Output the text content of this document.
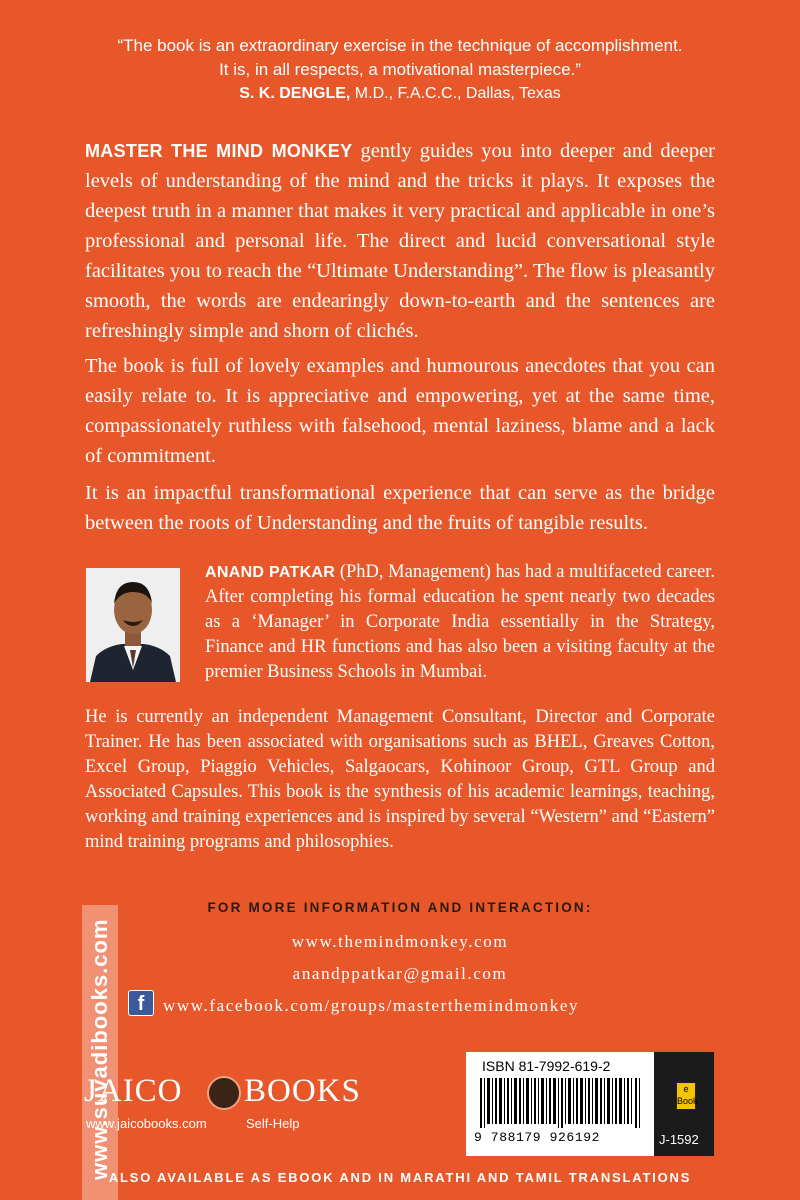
“The book is an extraordinary exercise in the technique of accomplishment.
It is, in all respects, a motivational masterpiece.”
S. K. DENGLE, M.D., F.A.C.C., Dallas, Texas

MASTER THE MIND MONKEY gently guides you into deeper and deeper levels of understanding of the mind and the tricks it plays. It exposes the deepest truth in a manner that makes it very practical and applicable in one’s professional and personal life. The direct and lucid conversational style facilitates you to reach the “Ultimate Understanding”. The flow is pleasantly smooth, the words are endearingly down-to-earth and the sentences are refreshingly simple and shorn of clichés.

The book is full of lovely examples and humourous anecdotes that you can easily relate to. It is appreciative and empowering, yet at the same time, compassionately ruthless with falsehood, mental laziness, blame and a lack of commitment.

It is an impactful transformational experience that can serve as the bridge between the roots of Understanding and the fruits of tangible results.

ANAND PATKAR (PhD, Management) has had a multifaceted career. After completing his formal education he spent nearly two decades as a ‘Manager’ in Corporate India essentially in the Strategy, Finance and HR functions and has also been a visiting faculty at the premier Business Schools in Mumbai.

He is currently an independent Management Consultant, Director and Corporate Trainer. He has been associated with organisations such as BHEL, Greaves Cotton, Excel Group, Piaggio Vehicles, Salgaocars, Kohinoor Group, GTL Group and Associated Capsules. This book is the synthesis of his academic learnings, teaching, working and training experiences and is inspired by several “Western” and “Eastern” mind training programs and philosophies.

FOR MORE INFORMATION AND INTERACTION:
www.themindmonkey.com
anandppatkar@gmail.com
f	www.facebook.com/groups/masterthemindmonkey
JAICO BOOKS
www.jaicobooks.com	Self-Help
ISBN 81-7992-619-2
9 788179 926192
e Book
J-1592
ALSO AVAILABLE AS EBOOK AND IN MARATHI AND TAMIL TRANSLATIONS
www.suvadibooks.com
